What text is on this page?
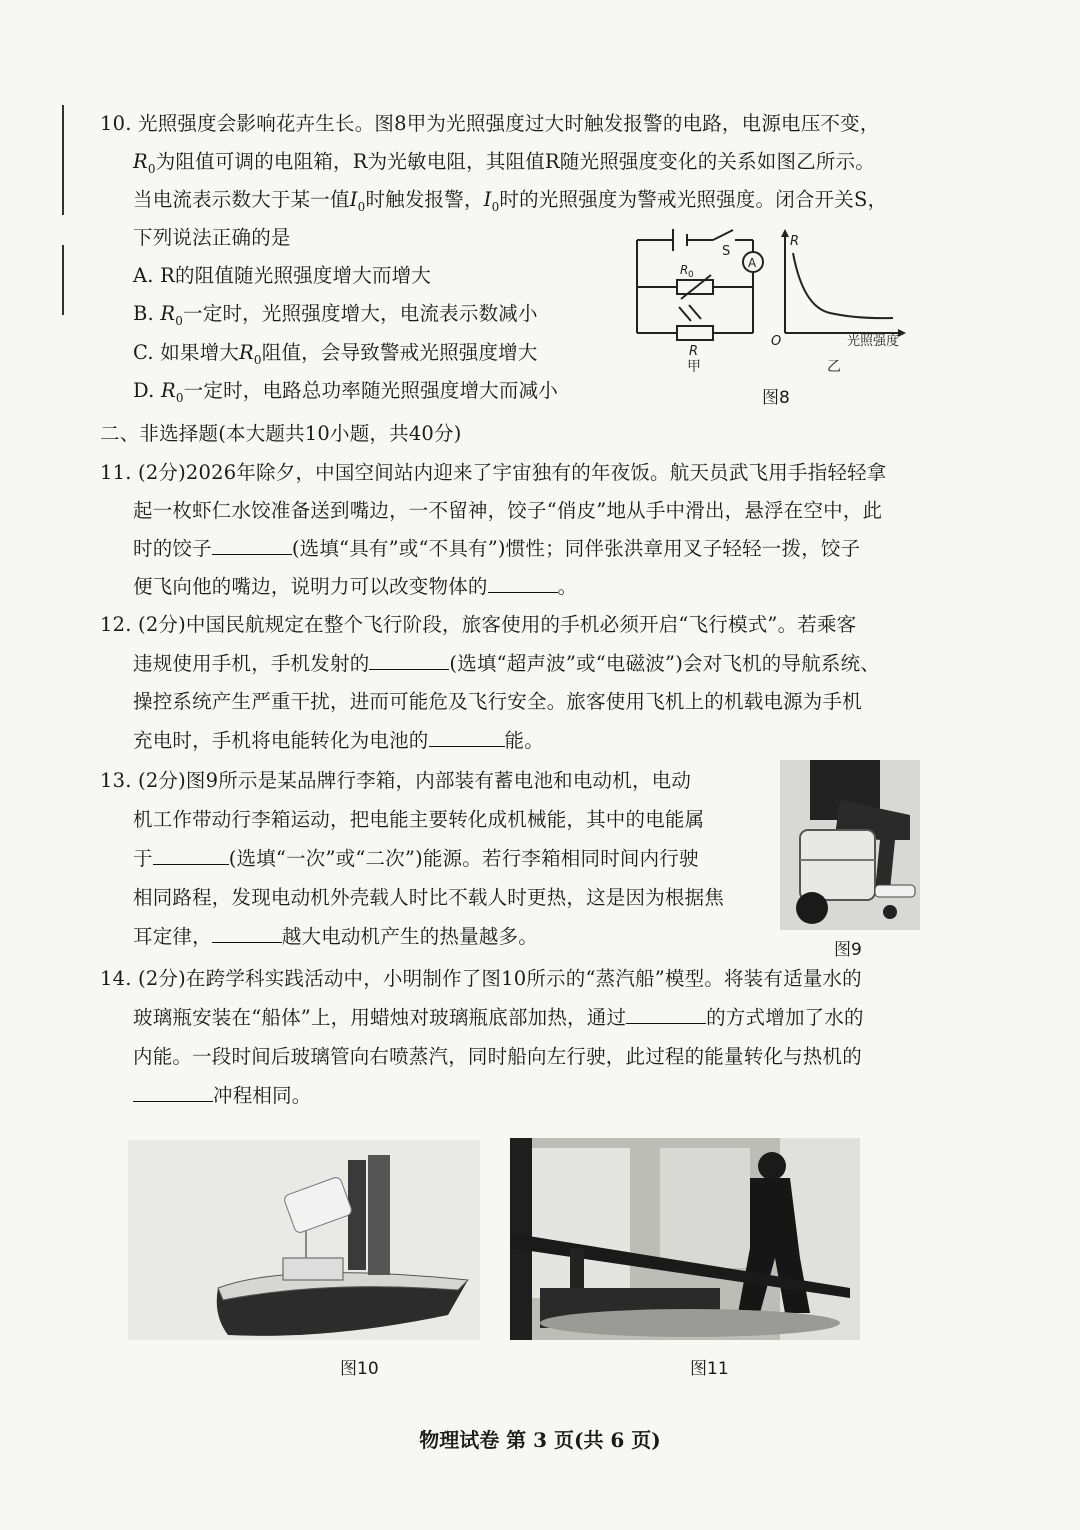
10. 光照强度会影响花卉生长。图8甲为光照强度过大时触发报警的电路，电源电压不变，
$R_0$为阻值可调的电阻箱，R为光敏电阻，其阻值R随光照强度变化的关系如图乙所示。
当电流表示数大于某一值$I_0$时触发报警，$I_0$时的光照强度为警戒光照强度。闭合开关S，
下列说法正确的是
A. R的阻值随光照强度增大而增大
B. $R_0$一定时，光照强度增大，电流表示数减小
C. 如果增大$R_0$阻值，会导致警戒光照强度增大
D. $R_0$一定时，电路总功率随光照强度增大而减小
S
A
R 0
R
甲
R
O	光照强度
乙
图8
二、非选择题(本大题共10小题，共40分)
11. (2分)2026年除夕，中国空间站内迎来了宇宙独有的年夜饭。航天员武飞用手指轻轻拿
起一枚虾仁水饺准备送到嘴边，一不留神，饺子“俏皮”地从手中滑出，悬浮在空中，此
时的饺子	(选填“具有”或“不具有”)惯性；同伴张洪章用叉子轻轻一拨，饺子
便飞向他的嘴边，说明力可以改变物体的	。
12. (2分)中国民航规定在整个飞行阶段，旅客使用的手机必须开启“飞行模式”。若乘客
违规使用手机，手机发射的	(选填“超声波”或“电磁波”)会对飞机的导航系统、
操控系统产生严重干扰，进而可能危及飞行安全。旅客使用飞机上的机载电源为手机
充电时，手机将电能转化为电池的	能。
13. (2分)图9所示是某品牌行李箱，内部装有蓄电池和电动机，电动
机工作带动行李箱运动，把电能主要转化成机械能，其中的电能属
于	(选填“一次”或“二次”)能源。若行李箱相同时间内行驶
相同路程，发现电动机外壳载人时比不载人时更热，这是因为根据焦
耳定律，	越大电动机产生的热量越多。
图9
14. (2分)在跨学科实践活动中，小明制作了图10所示的“蒸汽船”模型。将装有适量水的
玻璃瓶安装在“船体”上，用蜡烛对玻璃瓶底部加热，通过	的方式增加了水的
内能。一段时间后玻璃管向右喷蒸汽，同时船向左行驶，此过程的能量转化与热机的
冲程相同。
图10	图11
物理试卷 第 3 页(共 6 页)
